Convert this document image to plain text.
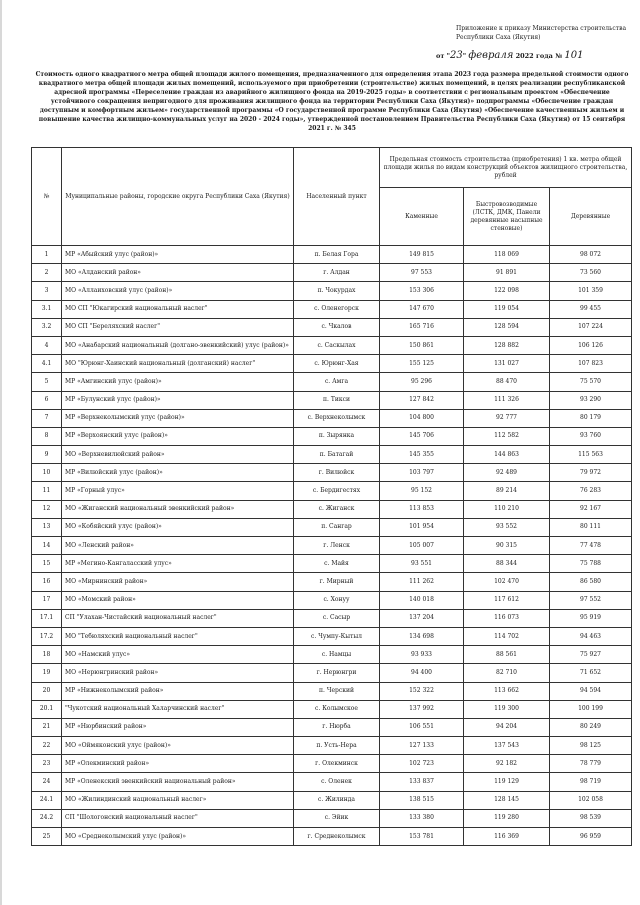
Приложение к приказу Министерства строительства Республики Саха (Якутия)
от "23" февраля 2022 года № 101
Стоимость одного квадратного метра общей площади жилого помещения, предназначенного для определения этапа 2023 года размера предельной стоимости одного квадратного метра общей площади жилых помещений, используемого при приобретении (строительстве) жилых помещений, в целях реализации республиканской адресной программы «Переселение граждан из аварийного жилищного фонда на 2019-2025 годы» в соответствии с региональным проектом «Обеспечение устойчивого сокращения непригодного для проживания жилищного фонда на территории Республики Саха (Якутия)» подпрограммы «Обеспечение граждан доступным и комфортным жильем» государственной программы «О государственной программе Республики Саха (Якутия) «Обеспечение качественным жильем и повышение качества жилищно-коммунальных услуг на 2020 - 2024 годы», утвержденной постановлением Правительства Республики Саха (Якутия) от 15 сентября 2021 г. № 345
№	Муниципальные районы, городские округа Республики Саха (Якутия)	Населенный пункт	Предельная стоимость строительства (приобретения) 1 кв. метра общей площади жилья по видам конструкций объектов жилищного строительства, рублей		
			Каменные	Быстровозводимые (ЛСТК, ДМК, Панели деревянные насыпные стеновые)	Деревянные
1	МР «Абыйский улус (район)»	п. Белая Гора	149 815	118 069	98 072
2	МО «Алданский район»	г. Алдан	97 553	91 891	73 560
3	МО «Аллаиховский улус (район)»	п. Чокурдах	153 306	122 098	101 359
3.1	МО СП "Юкагирский национальный наслег"	с. Оленегорск	147 670	119 054	99 455
3.2	МО СП "Береляхский наслег"	с. Чкалов	165 716	128 594	107 224
4	МО «Анабарский национальный (долгано-эвенкийский) улус (район)»	с. Саскылах	150 861	128 882	106 126
4.1	МО "Юрюнг-Хаинский национальный (долганский) наслег"	с. Юрюнг-Хая	155 125	131 027	107 823
5	МР «Амгинский улус (район)»	с. Амга	95 296	88 470	75 570
6	МР «Булунский улус (район)»	п. Тикси	127 842	111 326	93 290
7	МР «Верхнеколымский улус (район)»	с. Верхнеколымск	104 800	92 777	80 179
8	МР «Верхоянский улус (район)»	п. Зырянка	145 706	112 582	93 760
9	МО «Верхневилюйский район»	п. Батагай	145 355	144 863	115 563
10	МР «Вилюйский улус (район)»	г. Вилюйск	103 797	92 489	79 972
11	МР «Горный улус»	с. Бердигестях	95 152	89 214	76 283
12	МО «Жиганский национальный эвенкийский район»	с. Жиганск	113 853	110 210	92 167
13	МО «Кобяйский улус (район)»	п. Сангар	101 954	93 552	80 111
14	МО «Ленский район»	г. Ленск	105 007	90 315	77 478
15	МР «Мегино-Кангаласский улус»	с. Майя	93 551	88 344	75 788
16	МО «Мирнинский район»	г. Мирный	111 262	102 470	86 580
17	МО «Момский район»	с. Хонуу	140 018	117 612	97 552
17.1	СП "Улахан-Чистайский национальный наслег"	с. Сасыр	137 204	116 073	95 919
17.2	МО "Тебюляхский национальный наслег"	с. Чумпу-Кытыл	134 698	114 702	94 463
18	МО «Намский улус»	с. Намцы	93 933	88 561	75 927
19	МО «Нерюнгринский район»	г. Нерюнгри	94 400	82 710	71 652
20	МР «Нижнеколымский район»	п. Черский	152 322	113 662	94 594
20.1	"Чукотский национальный Халарчинский наслег"	с. Колымское	137 992	119 300	100 199
21	МР «Нюрбинский район»	г. Нюрба	106 551	94 204	80 249
22	МО «Оймяконский улус (район)»	п. Усть-Нера	127 133	137 543	98 125
23	МР «Олекминский район»	г. Олекминск	102 723	92 182	78 779
24	МР «Оленекский эвенкийский национальный район»	с. Оленек	133 837	119 129	98 719
24.1	МО «Жилиндинский национальный наслег»	с. Жилинда	138 515	128 145	102 058
24.2	СП "Шологонский национальный наслег"	с. Эйик	133 380	119 280	98 539
25	МО «Среднеколымский улус (район)»	г. Среднеколымск	153 781	116 369	96 959
